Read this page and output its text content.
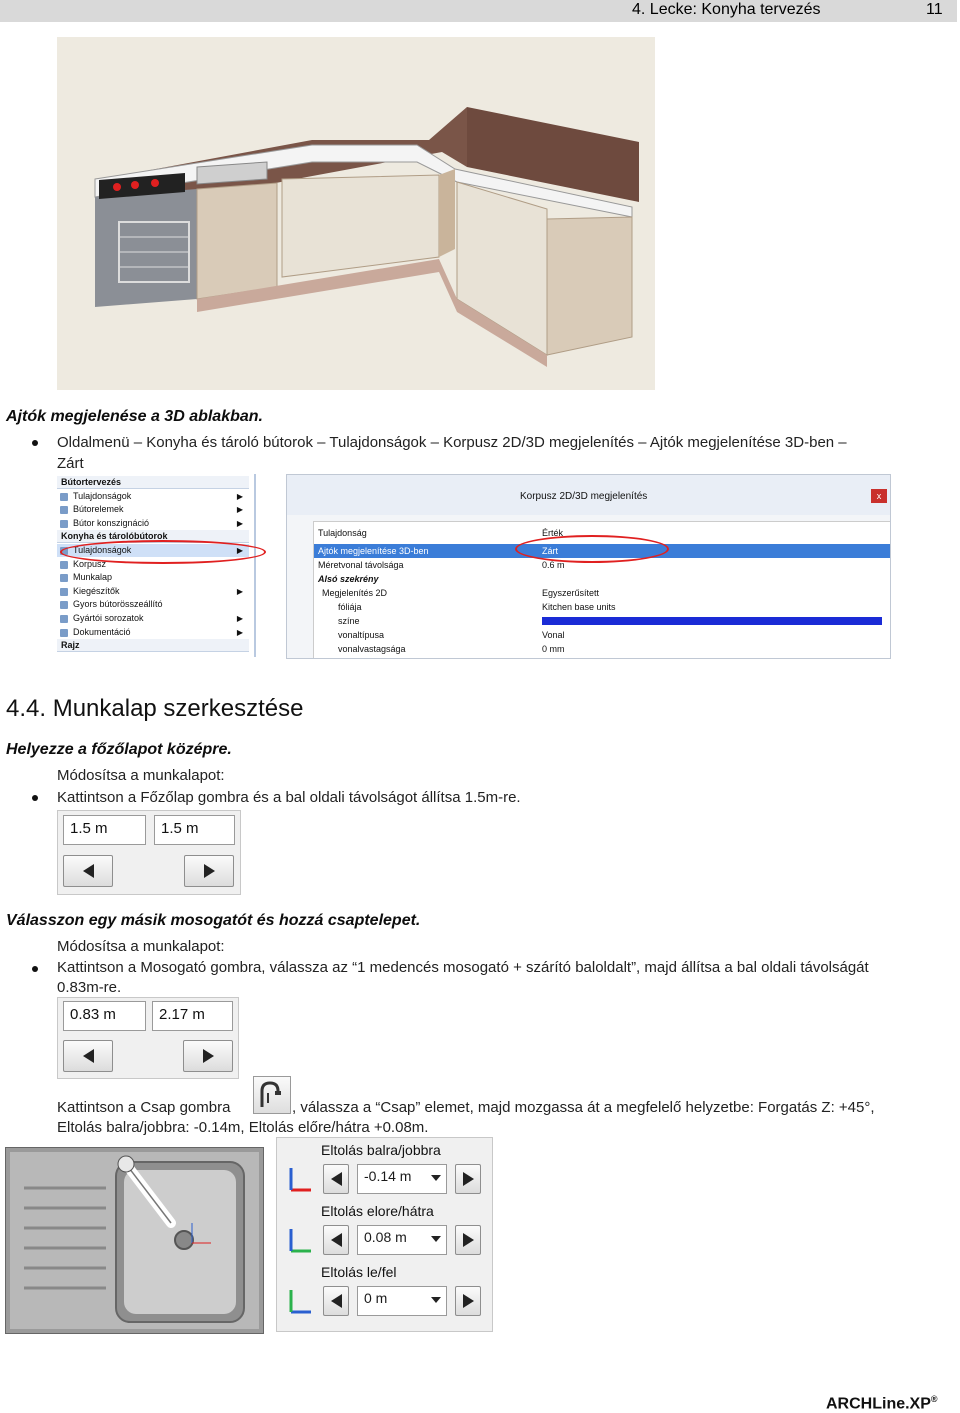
4. Lecke: Konyha tervezés	11
Ajtók megjelenése a 3D ablakban.
Oldalmenü – Konyha és tároló bútorok – Tulajdonságok – Korpusz 2D/3D megjelenítés – Ajtók megjelenítése 3D-ben –
Zárt
Bútortervezés
Tulajdonságok	▶
Bútorelemek	▶
Bútor konszignáció	▶
Konyha és tárolóbútorok
Tulajdonságok	▶
Korpusz
Munkalap
Kiegészítők	▶
Gyors bútorösszeállító
Gyártói sorozatok	▶
Dokumentáció	▶
Rajz
Korpusz 2D/3D megjelenítés	x
Tulajdonság	Érték
Ajtók megjelenítése 3D-ben	Zárt
Méretvonal távolsága	0.6 m
Alsó szekrény
Megjelenítés 2D	Egyszerűsített
fóliája	Kitchen base units
színe
vonaltípusa	Vonal
vonalvastagsága	0 mm
4.4. Munkalap szerkesztése
Helyezze a főzőlapot középre.
Módosítsa a munkalapot:
Kattintson a Főzőlap gombra és a bal oldali távolságot állítsa 1.5m-re.
1.5 m	1.5 m
Válasszon egy másik mosogatót és hozzá csaptelepet.
Módosítsa a munkalapot:
Kattintson a Mosogató gombra, válassza az “1 medencés mosogató + szárító baloldalt”, majd állítsa a bal oldali távolságát
0.83m-re.
0.83 m	2.17 m
Kattintson a Csap gombra	, válassza a “Csap” elemet, majd mozgassa át a megfelelő helyzetbe: Forgatás Z: +45°,
Eltolás balra/jobbra: -0.14m, Eltolás előre/hátra +0.08m.
Eltolás balra/jobbra
-0.14 m
Eltolás elore/hátra
0.08 m
Eltolás le/fel
0 m
ARCHLine.XP®
